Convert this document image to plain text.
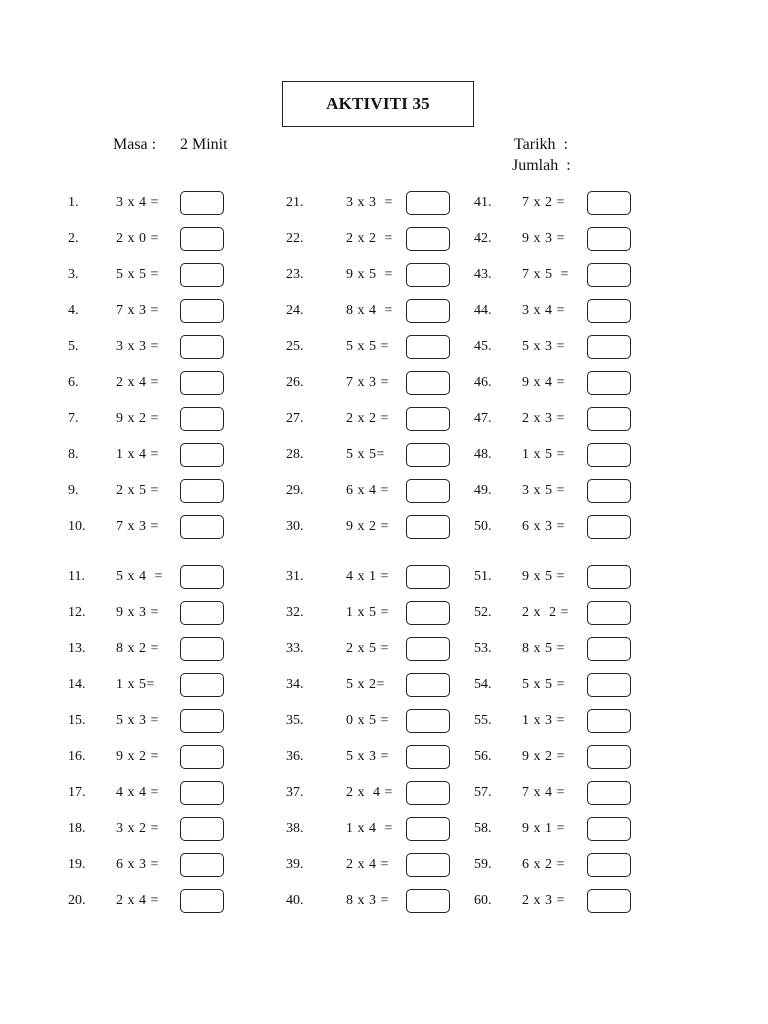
AKTIVITI 35
Masa : 2 Minit	Tarikh  :
Jumlah  :
1.	3 x 4 =
2.	2 x 0 =
3.	5 x 5 =
4.	7 x 3 =
5.	3 x 3 =
6.	2 x 4 =
7.	9 x 2 =
8.	1 x 4 =
9.	2 x 5 =
10. 7 x 3 =
11. 5 x 4  =
12. 9 x 3 =
13. 8 x 2 =
14. 1 x 5=
15. 5 x 3 =
16. 9 x 2 =
17. 4 x 4 =
18. 3 x 2 =
19. 6 x 3 =
20. 2 x 4 =
21.	3 x 3  =
22.	2 x 2  =
23.	9 x 5  =
24.	8 x 4  =
25.	5 x 5 =
26.	7 x 3 =
27.	2 x 2 =
28.	5 x 5=
29.	6 x 4 =
30.	9 x 2 =
31.	4 x 1 =
32.	1 x 5 =
33.	2 x 5 =
34.	5 x 2=
35.	0 x 5 =
36.	5 x 3 =
37.	2 x  4 =
38.	1 x 4  =
39.	2 x 4 =
40.	8 x 3 =
41. 7 x 2 =
42. 9 x 3 =
43. 7 x 5  =
44. 3 x 4 =
45. 5 x 3 =
46. 9 x 4 =
47. 2 x 3 =
48. 1 x 5 =
49. 3 x 5 =
50. 6 x 3 =
51. 9 x 5 =
52. 2 x  2 =
53. 8 x 5 =
54. 5 x 5 =
55. 1 x 3 =
56. 9 x 2 =
57. 7 x 4 =
58. 9 x 1 =
59. 6 x 2 =
60. 2 x 3 =
